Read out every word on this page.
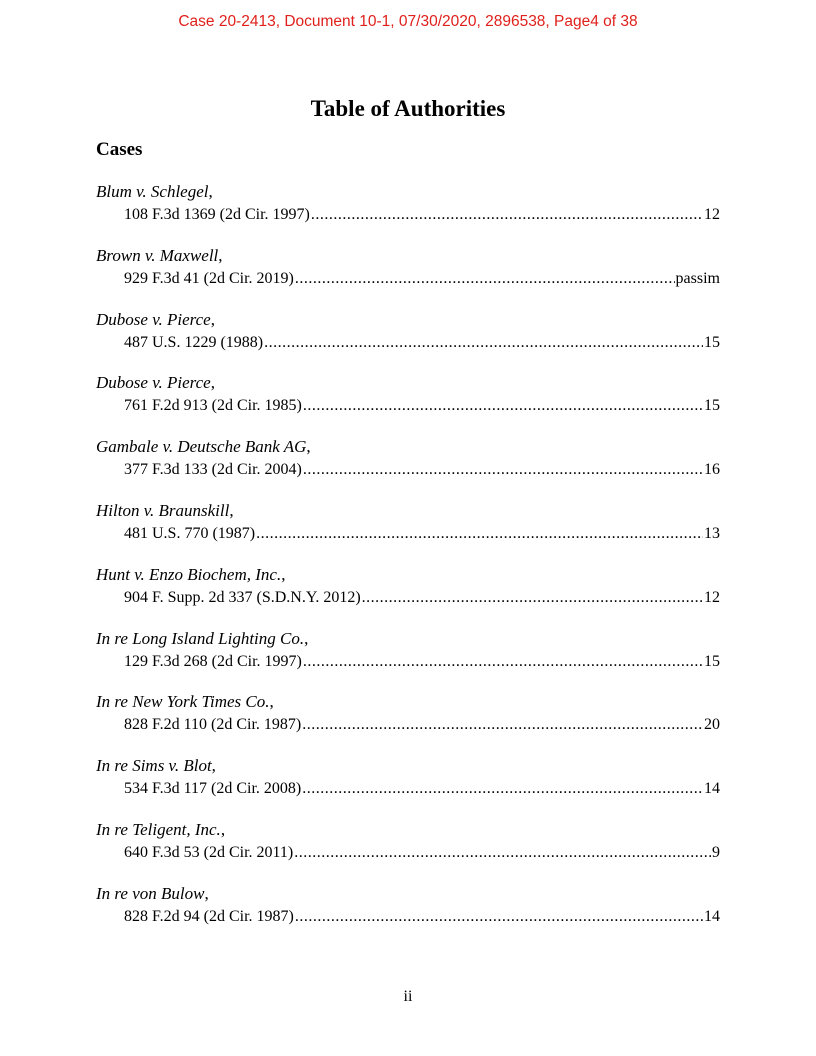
Case 20-2413, Document 10-1, 07/30/2020, 2896538, Page4 of 38
Table of Authorities
Cases
Blum v. Schlegel,
108 F.3d 1369 (2d Cir. 1997) .....	12
Brown v. Maxwell,
929 F.3d 41 (2d Cir. 2019) .....	passim
Dubose v. Pierce,
487 U.S. 1229 (1988) .....	15
Dubose v. Pierce,
761 F.2d 913 (2d Cir. 1985) .....	15
Gambale v. Deutsche Bank AG,
377 F.3d 133 (2d Cir. 2004) .....	16
Hilton v. Braunskill,
481 U.S. 770 (1987) .....	13
Hunt v. Enzo Biochem, Inc.,
904 F. Supp. 2d 337 (S.D.N.Y. 2012) .....	12
In re Long Island Lighting Co.,
129 F.3d 268 (2d Cir. 1997) .....	15
In re New York Times Co.,
828 F.2d 110 (2d Cir. 1987) .....	20
In re Sims v. Blot,
534 F.3d 117 (2d Cir. 2008) .....	14
In re Teligent, Inc.,
640 F.3d 53 (2d Cir. 2011) .....	9
In re von Bulow,
828 F.2d 94 (2d Cir. 1987) .....	14
ii
